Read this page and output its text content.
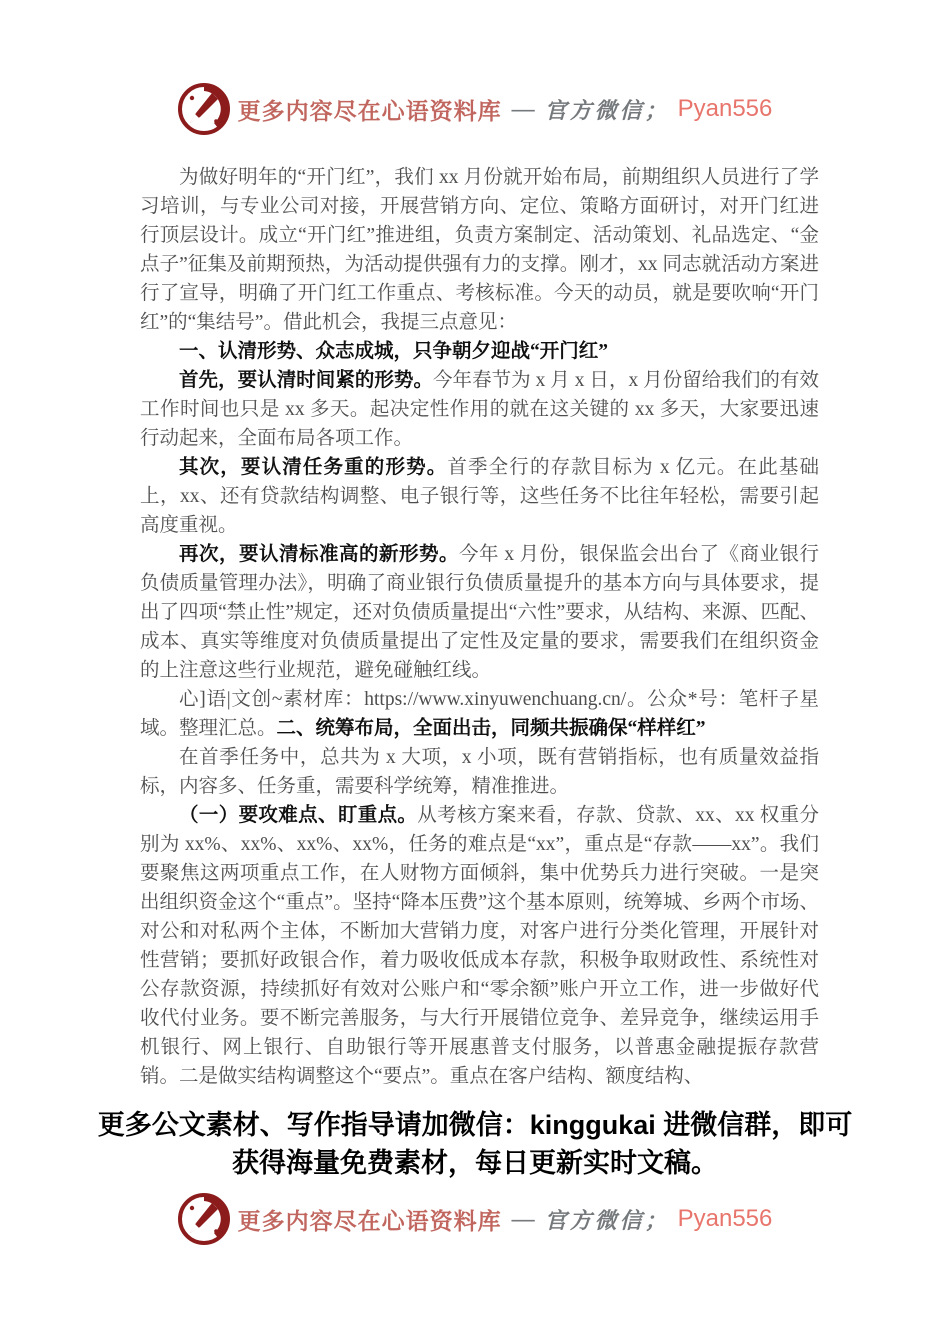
更多内容尽在心语资料库 — 官方微信； Pyan556

为做好明年的“开门红”，我们 xx 月份就开始布局，前期组织人员进行了学习培训，与专业公司对接，开展营销方向、定位、策略方面研讨，对开门红进行顶层设计。成立“开门红”推进组，负责方案制定、活动策划、礼品选定、“金点子”征集及前期预热，为活动提供强有力的支撑。刚才，xx 同志就活动方案进行了宣导，明确了开门红工作重点、考核标准。今天的动员，就是要吹响“开门红”的“集结号”。借此机会，我提三点意见：

一、认清形势、众志成城，只争朝夕迎战“开门红”

首先，要认清时间紧的形势。今年春节为 x 月 x 日，x 月份留给我们的有效工作时间也只是 xx 多天。起决定性作用的就在这关键的 xx 多天，大家要迅速行动起来，全面布局各项工作。

其次，要认清任务重的形势。首季全行的存款目标为 x 亿元。在此基础上，xx、还有贷款结构调整、电子银行等，这些任务不比往年轻松，需要引起高度重视。

再次，要认清标准高的新形势。今年 x 月份，银保监会出台了《商业银行负债质量管理办法》，明确了商业银行负债质量提升的基本方向与具体要求，提出了四项“禁止性”规定，还对负债质量提出“六性”要求，从结构、来源、匹配、成本、真实等维度对负债质量提出了定性及定量的要求，需要我们在组织资金的上注意这些行业规范，避免碰触红线。

心]语|文创~素材库：https://www.xinyuwenchuang.cn/。公众*号：笔杆子星域。整理汇总。二、统筹布局，全面出击，同频共振确保“样样红”

在首季任务中，总共为 x 大项，x 小项，既有营销指标，也有质量效益指标，内容多、任务重，需要科学统筹，精准推进。

（一）要攻难点、盯重点。从考核方案来看，存款、贷款、xx、xx 权重分别为 xx%、xx%、xx%、xx%，任务的难点是“xx”，重点是“存款——xx”。我们要聚焦这两项重点工作，在人财物方面倾斜，集中优势兵力进行突破。一是突出组织资金这个“重点”。坚持“降本压费”这个基本原则，统筹城、乡两个市场、对公和对私两个主体，不断加大营销力度，对客户进行分类化管理，开展针对性营销；要抓好政银合作，着力吸收低成本存款，积极争取财政性、系统性对公存款资源，持续抓好有效对公账户和“零余额”账户开立工作，进一步做好代收代付业务。要不断完善服务，与大行开展错位竞争、差异竞争，继续运用手机银行、网上银行、自助银行等开展惠普支付服务，以普惠金融提振存款营销。二是做实结构调整这个“要点”。重点在客户结构、额度结构、

更多公文素材、写作指导请加微信：kinggukai 进微信群，即可获得海量免费素材，每日更新实时文稿。
更多内容尽在心语资料库 — 官方微信； Pyan556
